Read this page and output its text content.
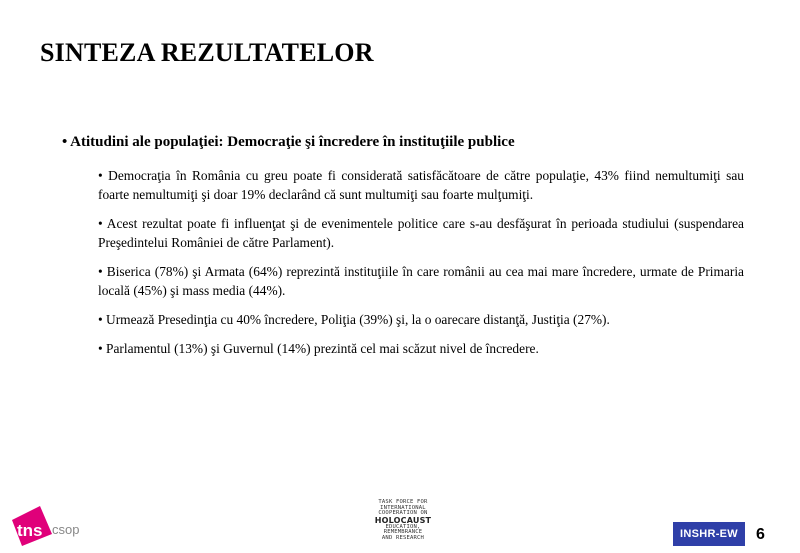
SINTEZA REZULTATELOR
• Atitudini ale populaţiei: Democraţie şi încredere în instituţiile publice
• Democraţia în România cu greu poate fi considerată satisfăcătoare de către populaţie, 43% fiind nemultumiţi sau foarte nemultumiţi şi doar 19% declarând că sunt multumiţi sau foarte mulţumiţi.
• Acest rezultat poate fi influenţat şi de evenimentele politice care s-au desfăşurat în perioada studiului (suspendarea Preşedintelui României de către Parlament).
• Biserica (78%) şi Armata (64%) reprezintă instituţiile în care românii au cea mai mare încredere, urmate de Primaria locală (45%) şi mass media (44%).
• Urmează Presedinţia cu 40% încredere, Poliţia (39%) şi, la o oarecare distanţă, Justiţia (27%).
• Parlamentul (13%) şi Guvernul (14%) prezintă cel mai scăzut nivel de încredere.
tns csop
TASK FORCE FOR
INTERNATIONAL
COOPERATION ON
HOLOCAUST
EDUCATION,
REMEMBRANCE
AND RESEARCH	INSHR-EW	6
